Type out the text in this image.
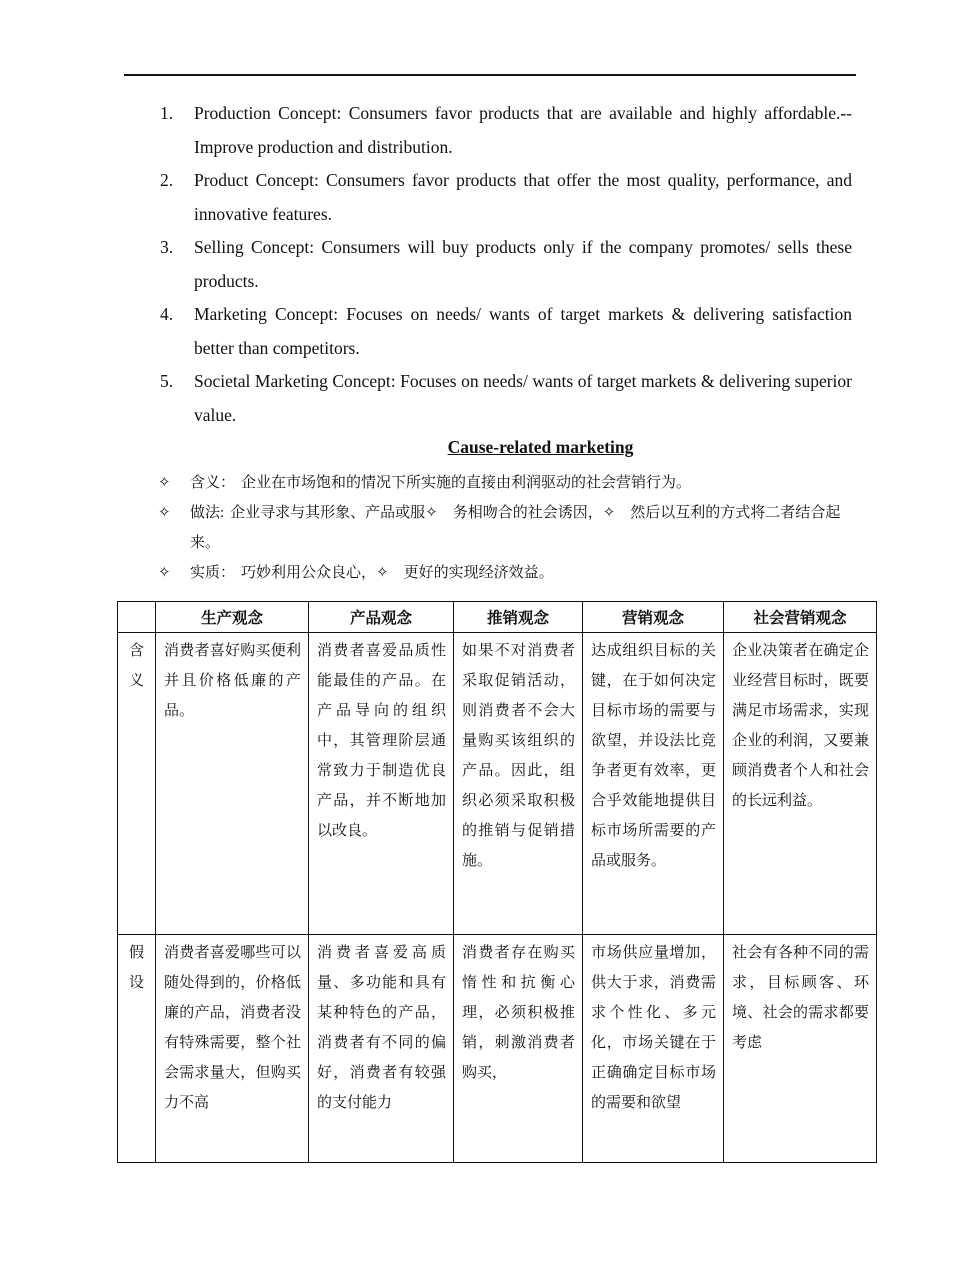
1. Production Concept: Consumers favor products that are available and highly affordable.--Improve production and distribution.
2. Product Concept: Consumers favor products that offer the most quality, performance, and innovative features.
3. Selling Concept: Consumers will buy products only if the company promotes/ sells these products.
4. Marketing Concept: Focuses on needs/ wants of target markets & delivering satisfaction better than competitors.
5. Societal Marketing Concept: Focuses on needs/ wants of target markets & delivering superior value.
Cause-related marketing
✧ 含义： 企业在市场饱和的情况下所实施的直接由利润驱动的社会营销行为。
✧ 做法: 企业寻求与其形象、产品或服✧　务相吻合的社会诱因，✧　然后以互利的方式将二者结合起来。
✧ 实质： 巧妙利用公众良心，✧　更好的实现经济效益。
	生产观念	产品观念	推销观念	营销观念	社会营销观念

含义	消费者喜好购买便利并且价格低廉的产品。	消费者喜爱品质性能最佳的产品。在产品导向的组织中，其管理阶层通常致力于制造优良产品，并不断地加以改良。	如果不对消费者采取促销活动，则消费者不会大量购买该组织的产品。因此，组织必须采取积极的推销与促销措施。	达成组织目标的关键，在于如何决定目标市场的需要与欲望，并设法比竞争者更有效率，更合乎效能地提供目标市场所需要的产品或服务。	企业决策者在确定企业经营目标时，既要满足市场需求，实现企业的利润，又要兼顾消费者个人和社会的长远利益。

假设	消费者喜爱哪些可以随处得到的，价格低廉的产品，消费者没有特殊需要，整个社会需求量大，但购买力不高	消费者喜爱高质量、多功能和具有某种特色的产品，消费者有不同的偏好，消费者有较强的支付能力	消费者存在购买惰性和抗衡心理，必须积极推销，刺激消费者购买，	市场供应量增加，供大于求，消费需求个性化、多元化，市场关键在于正确确定目标市场的需要和欲望	社会有各种不同的需求，目标顾客、环境、社会的需求都要考虑
